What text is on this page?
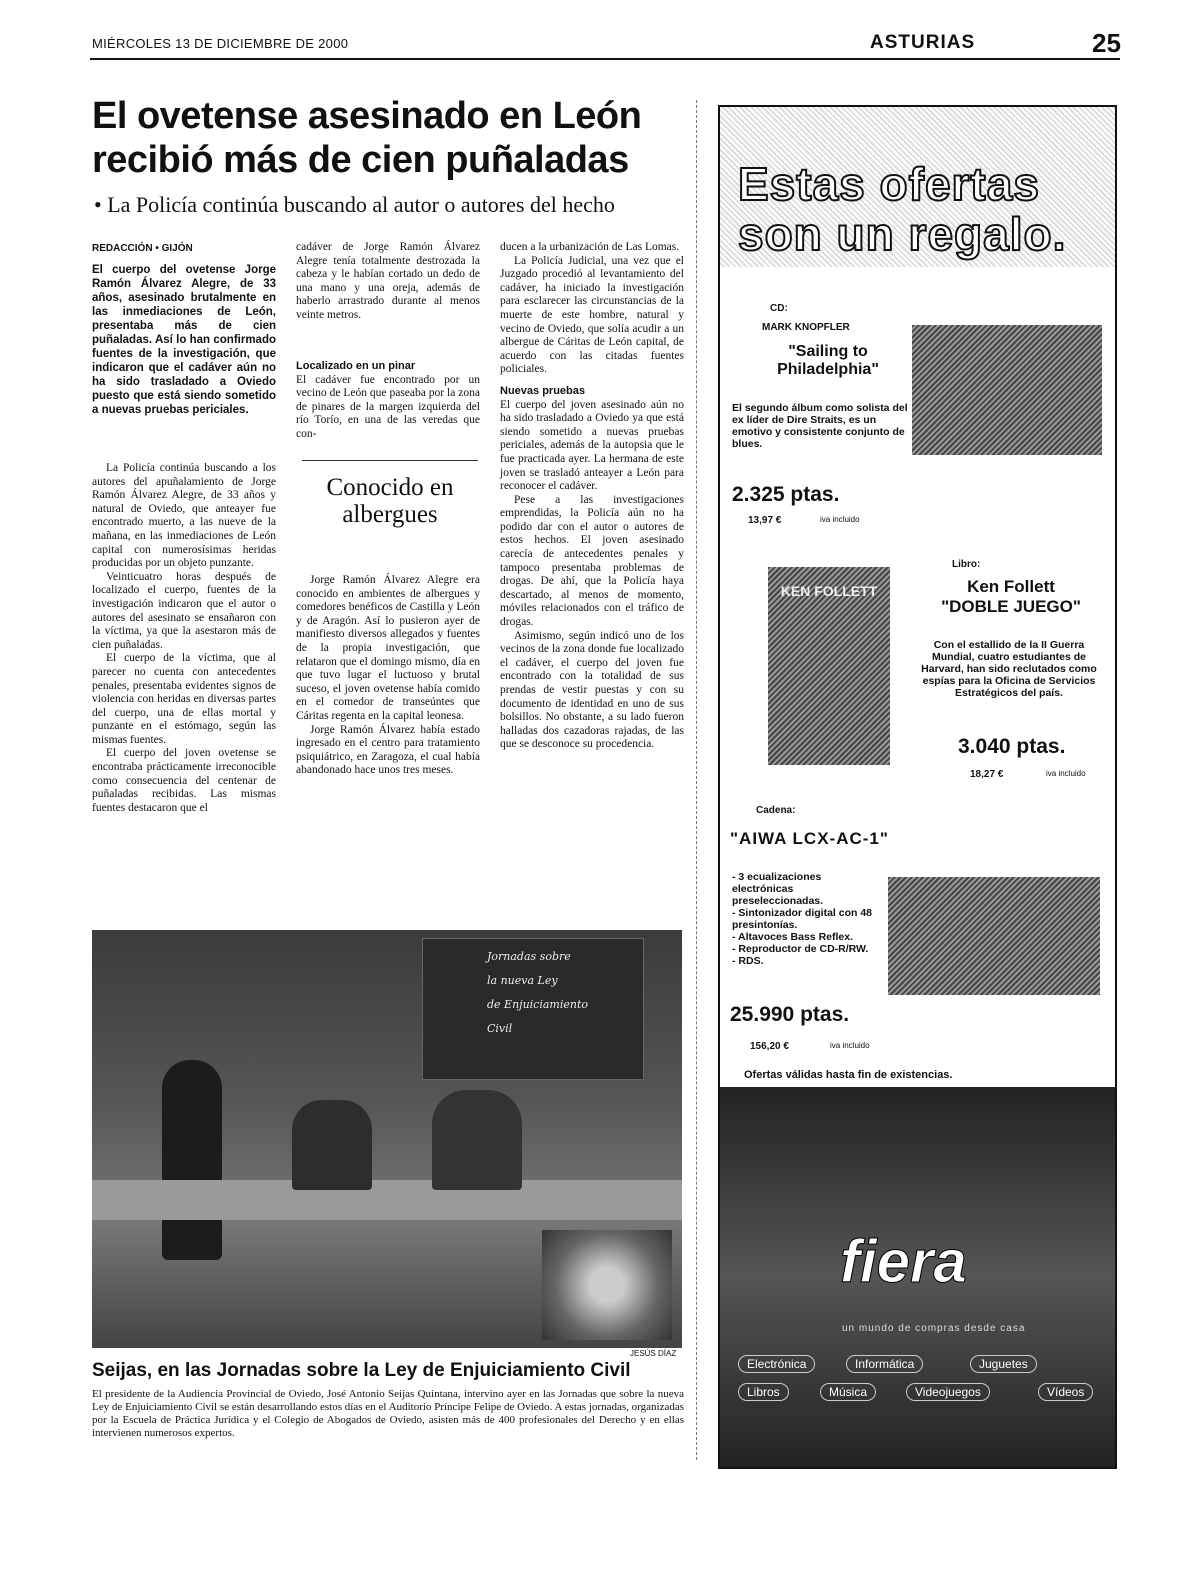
MIÉRCOLES 13 DE DICIEMBRE DE 2000	ASTURIAS	25
El ovetense asesinado en León recibió más de cien puñaladas
• La Policía continúa buscando al autor o autores del hecho
REDACCIÓN • GIJÓN
El cuerpo del ovetense Jorge Ramón Álvarez Alegre, de 33 años, asesinado brutalmente en las inmediaciones de León, presentaba más de cien puñaladas. Así lo han confirmado fuentes de la investigación, que indicaron que el cadáver aún no ha sido trasladado a Oviedo puesto que está siendo sometido a nuevas pruebas periciales.

La Policía continúa buscando a los autores del apuñalamiento de Jorge Ramón Álvarez Alegre, de 33 años y natural de Oviedo, que anteayer fue encontrado muerto, a las nueve de la mañana, en las inmediaciones de León capital con numerosísimas heridas producidas por un objeto punzante.

Veinticuatro horas después de localizado el cuerpo, fuentes de la investigación indicaron que el autor o autores del asesinato se ensañaron con la víctima, ya que la asestaron más de cien puñaladas.

El cuerpo de la víctima, que al parecer no cuenta con antecedentes penales, presentaba evidentes signos de violencia con heridas en diversas partes del cuerpo, una de ellas mortal y punzante en el estómago, según las mismas fuentes.

El cuerpo del joven ovetense se encontraba prácticamente irreconocible como consecuencia del centenar de puñaladas recibidas. Las mismas fuentes destacaron que el

cadáver de Jorge Ramón Álvarez Alegre tenía totalmente destrozada la cabeza y le habían cortado un dedo de una mano y una oreja, además de haberlo arrastrado durante al menos veinte metros.

Localizado en un pinar

El cadáver fue encontrado por un vecino de León que paseaba por la zona de pinares de la margen izquierda del río Torío, en una de las veredas que con-

Conocido en albergues

Jorge Ramón Álvarez Alegre era conocido en ambientes de albergues y comedores benéficos de Castilla y León y de Aragón. Así lo pusieron ayer de manifiesto diversos allegados y fuentes de la propia investigación, que relataron que el domingo mismo, día en que tuvo lugar el luctuoso y brutal suceso, el joven ovetense había comido en el comedor de transeúntes que Cáritas regenta en la capital leonesa.

Jorge Ramón Álvarez había estado ingresado en el centro para tratamiento psiquiátrico, en Zaragoza, el cual había abandonado hace unos tres meses.

ducen a la urbanización de Las Lomas.

La Policía Judicial, una vez que el Juzgado procedió al levantamiento del cadáver, ha iniciado la investigación para esclarecer las circunstancias de la muerte de este hombre, natural y vecino de Oviedo, que solía acudir a un albergue de Cáritas de León capital, de acuerdo con las citadas fuentes policiales.

Nuevas pruebas

El cuerpo del joven asesinado aún no ha sido trasladado a Oviedo ya que está siendo sometido a nuevas pruebas periciales, además de la autopsia que le fue practicada ayer. La hermana de este joven se trasladó anteayer a León para reconocer el cadáver.

Pese a las investigaciones emprendidas, la Policía aún no ha podido dar con el autor o autores de estos hechos. El joven asesinado carecía de antecedentes penales y tampoco presentaba problemas de drogas. De ahí, que la Policía haya descartado, al menos de momento, móviles relacionados con el tráfico de drogas.

Asimismo, según indicó uno de los vecinos de la zona donde fue localizado el cadáver, el cuerpo del joven fue encontrado con la totalidad de sus prendas de vestir puestas y con su documento de identidad en uno de sus bolsillos. No obstante, a su lado fueron halladas dos cazadoras rajadas, de las que se desconoce su procedencia.

Jornadas sobre
la nueva Ley
de Enjuiciamiento
Civil
JESÚS DÍAZ
Seijas, en las Jornadas sobre la Ley de Enjuiciamiento Civil
El presidente de la Audiencia Provincial de Oviedo, José Antonio Seijas Quintana, intervino ayer en las Jornadas que sobre la nueva Ley de Enjuiciamiento Civil se están desarrollando estos días en el Auditorio Príncipe Felipe de Oviedo. A estas jornadas, organizadas por la Escuela de Práctica Jurídica y el Colegio de Abogados de Oviedo, asisten más de 400 profesionales del Derecho y en ellas intervienen numerosos expertos.
Estas ofertas
son un regalo.
CD:
MARK KNOPFLER
"Sailing to Philadelphia"
El segundo álbum como solista del ex líder de Dire Straits, es un emotivo y consistente conjunto de blues.
2.325 ptas.
13,97 €	iva incluido
KEN FOLLETT
Libro:
Ken Follett
"DOBLE JUEGO"
Con el estallido de la II Guerra Mundial, cuatro estudiantes de Harvard, han sido reclutados como espías para la Oficina de Servicios Estratégicos del país.
3.040 ptas.
18,27 €	iva incluido
Cadena:
"AIWA LCX-AC-1"
- 3 ecualizaciones electrónicas preseleccionadas.
- Sintonizador digital con 48 presintonías.
- Altavoces Bass Reflex.
- Reproductor de CD-R/RW.
- RDS.
25.990 ptas.
156,20 €	iva incluido
Ofertas válidas hasta fin de existencias.
fiera
un mundo de compras desde casa
Electrónica	Informática	Juguetes
Libros	Música	Videojuegos	Vídeos
